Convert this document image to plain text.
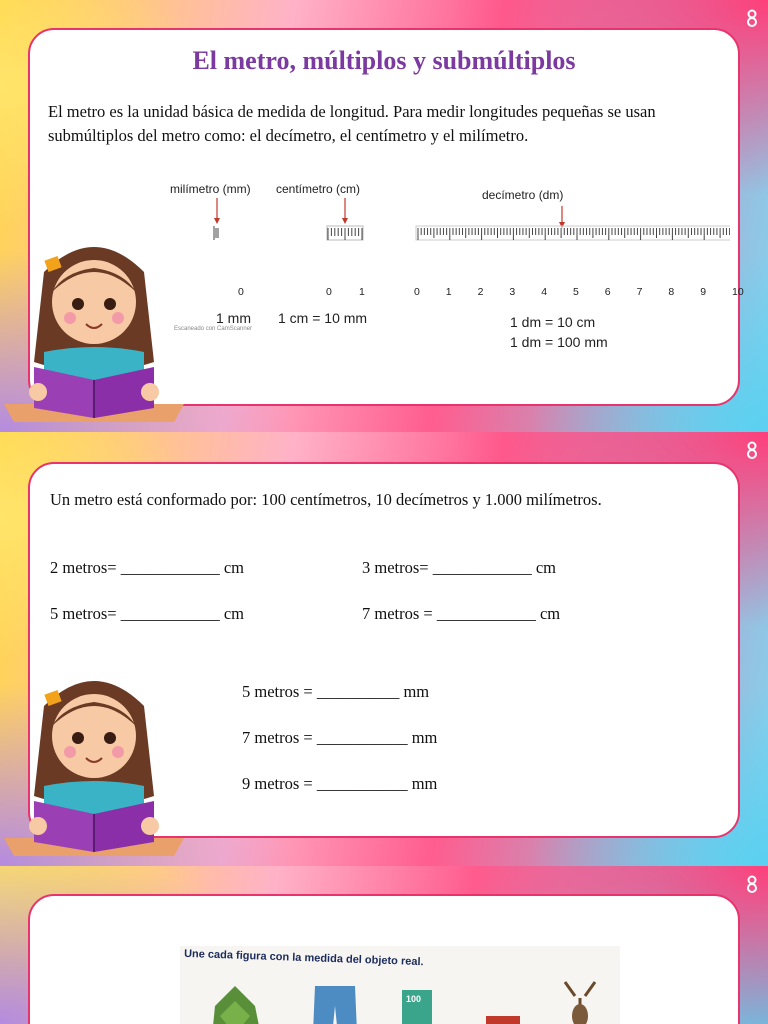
El metro, múltiplos y submúltiplos

El metro es la unidad básica de medida de longitud. Para medir longitudes pequeñas se usan submúltiplos del metro como: el decímetro, el centímetro y el milímetro.

milímetro (mm) centímetro (cm)	decímetro (dm)
0	0	1	0 1 2 3 4 5 6 7 8 9 10
1 mm 1 cm = 10 mm	1 dm = 10 cm
1 dm = 100 mm
Escaneado con CamScanner

Un metro está conformado por: 100 centímetros, 10 decímetros y 1.000 milímetros.

2 metros= ____________ cm	3 metros= ____________ cm

5 metros= ____________ cm	7 metros = ____________ cm

5 metros = __________ mm

7 metros = ___________ mm

9 metros = ___________ mm

100
Une cada figura con la medida del objeto real.
